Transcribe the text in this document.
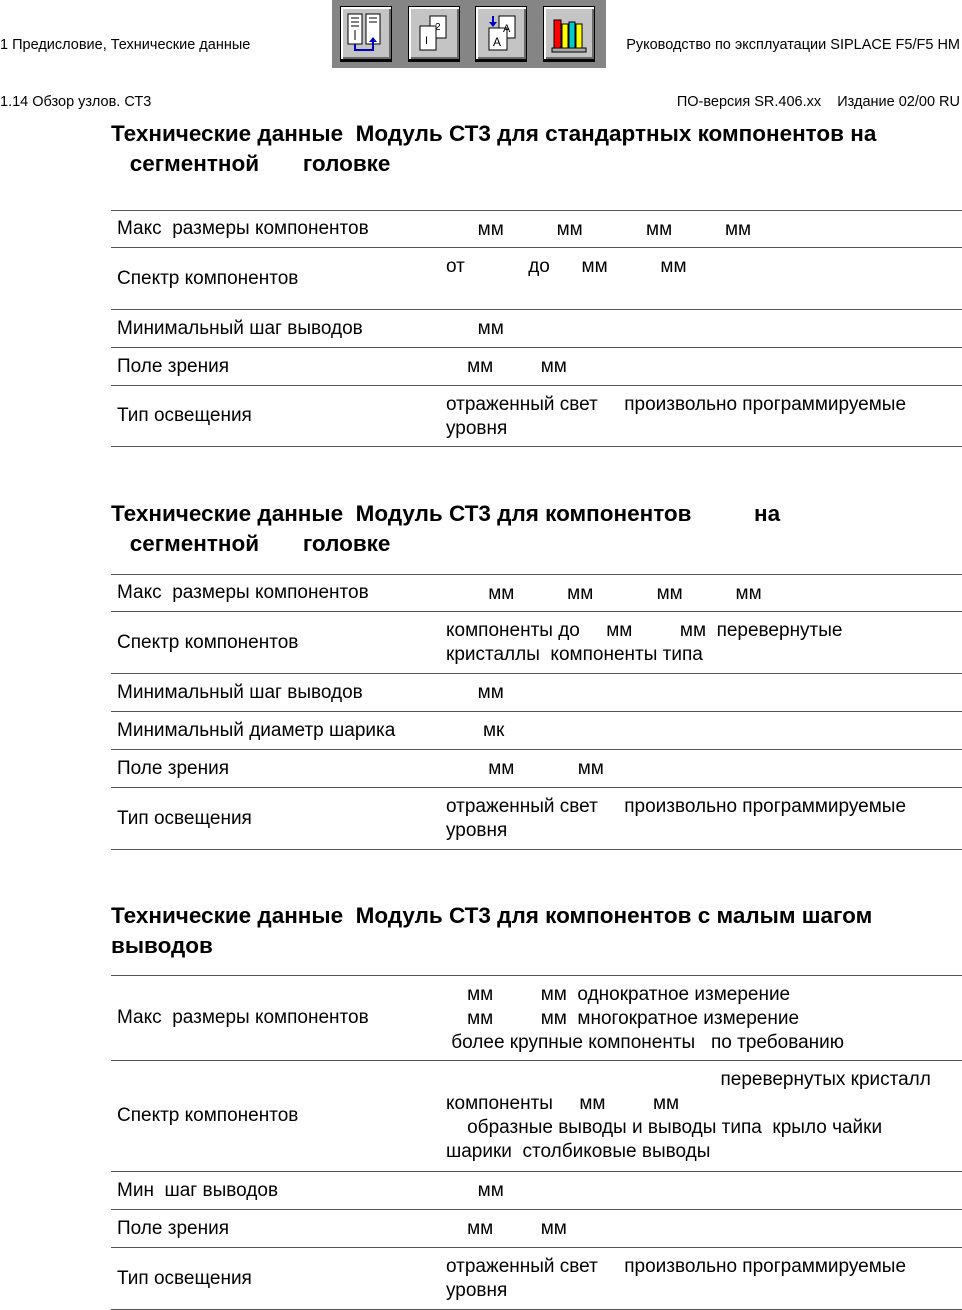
1 Предисловие, Технические данные

1.14 Обзор узлов. СТ3

Руководство по эксплуатации SIPLACE F5/F5 HM

ПО-версия SR.406.xx    Издание 02/00 RU

2
I
A
A
Технические данные  Модуль СТ3 для стандартных компонентов на
сегментной       головке
Макс  размеры компонентов	мм          мм            мм          мм

Спектр компонентов	от            до      мм          мм

Минимальный шаг выводов	мм

Поле зрения	мм         мм

Тип освещения	отраженный свет     произвольно программируемые
уровня
Технические данные  Модуль СТ3 для компонентов          на
сегментной       головке
Макс  размеры компонентов	мм          мм            мм          мм

Спектр компонентов	компоненты до     мм         мм  перевернутые
кристаллы  компоненты типа

Минимальный шаг выводов	мм

Минимальный диаметр шарика	мк

Поле зрения	мм            мм

Тип освещения	отраженный свет     произвольно программируемые
уровня
Технические данные  Модуль СТ3 для компонентов с малым шагом
выводов
Макс  размеры компонентов	мм         мм  однократное измерение
мм         мм  многократное измерение
более крупные компоненты   по требованию

Спектр компонентов	перевернутых кристалл
компоненты     мм         мм
образные выводы и выводы типа  крыло чайки
шарики  столбиковые выводы

Мин  шаг выводов	мм

Поле зрения	мм         мм

Тип освещения	отраженный свет     произвольно программируемые
уровня
